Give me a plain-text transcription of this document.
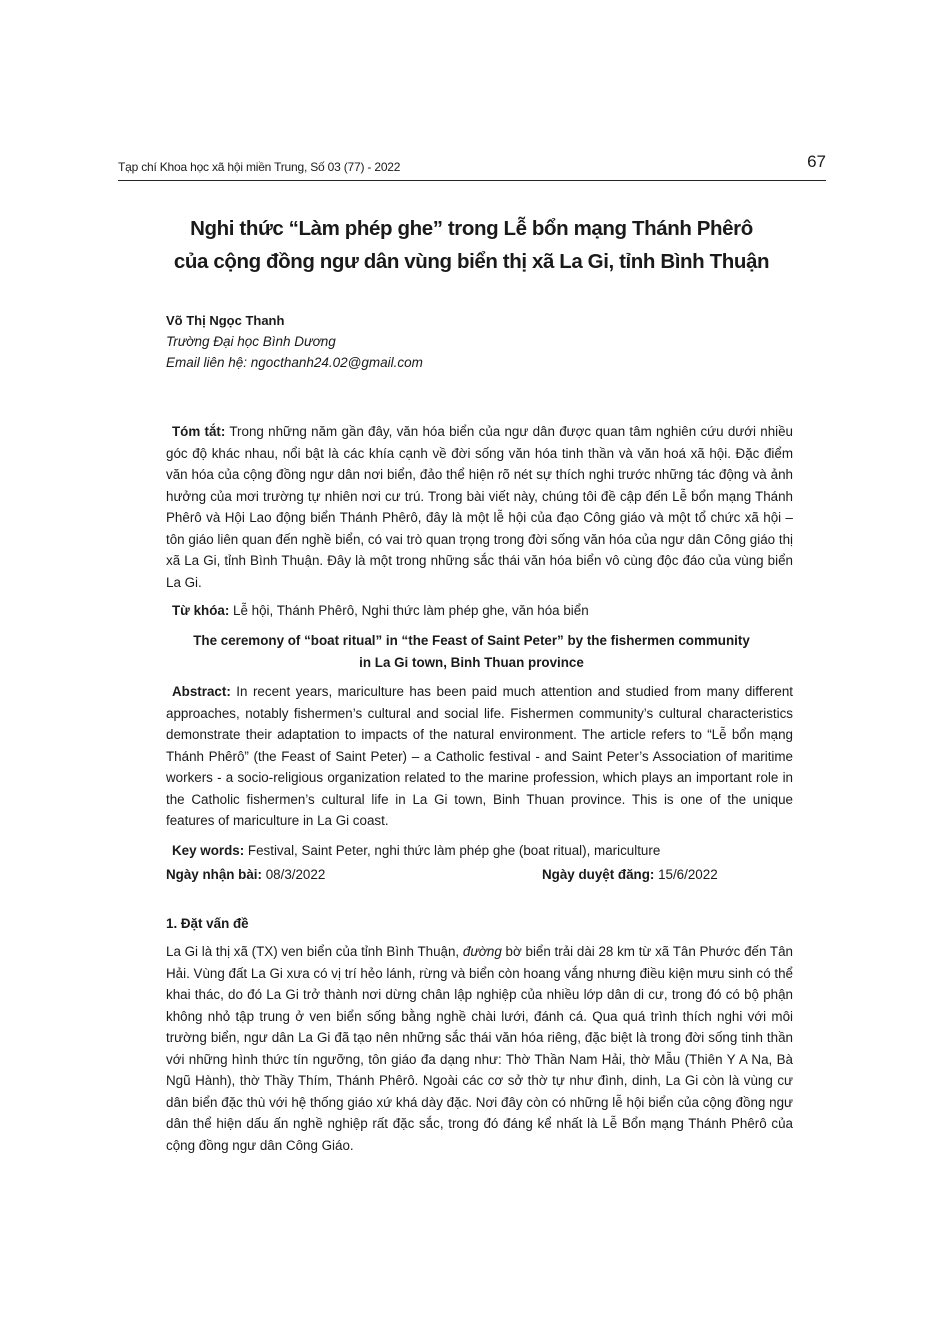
Tạp chí Khoa học xã hội miền Trung, Số 03 (77) - 2022	67
Nghi thức “Làm phép ghe” trong Lễ bổn mạng Thánh Phêrô
của cộng đồng ngư dân vùng biển thị xã La Gi, tỉnh Bình Thuận
Võ Thị Ngọc Thanh
Trường Đại học Bình Dương
Email liên hệ: ngocthanh24.02@gmail.com
Tóm tắt: Trong những năm gần đây, văn hóa biển của ngư dân được quan tâm nghiên cứu dưới nhiều góc độ khác nhau, nổi bật là các khía cạnh về đời sống văn hóa tinh thần và văn hoá xã hội. Đặc điểm văn hóa của cộng đồng ngư dân nơi biển, đảo thể hiện rõ nét sự thích nghi trước những tác động và ảnh hưởng của mơi trường tự nhiên nơi cư trú. Trong bài viết này, chúng tôi đề cập đến Lễ bổn mạng Thánh Phêrô và Hội Lao động biển Thánh Phêrô, đây là một lễ hội của đạo Công giáo và một tổ chức xã hội – tôn giáo liên quan đến nghề biển, có vai trò quan trọng trong đời sống văn hóa của ngư dân Công giáo thị xã La Gi, tỉnh Bình Thuận. Đây là một trong những sắc thái văn hóa biển vô cùng độc đáo của vùng biển La Gi.
Từ khóa: Lễ hội, Thánh Phêrô, Nghi thức làm phép ghe, văn hóa biển
The ceremony of “boat ritual” in “the Feast of Saint Peter” by the fishermen community
in La Gi town, Binh Thuan province
Abstract: In recent years, mariculture has been paid much attention and studied from many different approaches, notably fishermen’s cultural and social life. Fishermen community’s cultural characteristics demonstrate their adaptation to impacts of the natural environment. The article refers to “Lễ bổn mạng Thánh Phêrô” (the Feast of Saint Peter) – a Catholic festival - and Saint Peter’s Association of maritime workers - a socio-religious organization related to the marine profession, which plays an important role in the Catholic fishermen’s cultural life in La Gi town, Binh Thuan province. This is one of the unique features of mariculture in La Gi coast.
Key words: Festival, Saint Peter, nghi thức làm phép ghe (boat ritual), mariculture
Ngày nhận bài: 08/3/2022	Ngày duyệt đăng: 15/6/2022
1. Đặt vấn đề
La Gi là thị xã (TX) ven biển của tỉnh Bình Thuận, đường bờ biển trải dài 28 km từ xã Tân Phước đến Tân Hải. Vùng đất La Gi xưa có vị trí hẻo lánh, rừng và biển còn hoang vắng nhưng điều kiện mưu sinh có thể khai thác, do đó La Gi trở thành nơi dừng chân lập nghiệp của nhiều lớp dân di cư, trong đó có bộ phận không nhỏ tập trung ở ven biển sống bằng nghề chài lưới, đánh cá. Qua quá trình thích nghi với môi trường biển, ngư dân La Gi đã tạo nên những sắc thái văn hóa riêng, đặc biệt là trong đời sống tinh thần với những hình thức tín ngưỡng, tôn giáo đa dạng như: Thờ Thần Nam Hải, thờ Mẫu (Thiên Y A Na, Bà Ngũ Hành), thờ Thầy Thím, Thánh Phêrô. Ngoài các cơ sở thờ tự như đình, dinh, La Gi còn là vùng cư dân biển đặc thù với hệ thống giáo xứ khá dày đặc. Nơi đây còn có những lễ hội biển của cộng đồng ngư dân thể hiện dấu ấn nghề nghiệp rất đặc sắc, trong đó đáng kể nhất là Lễ Bổn mạng Thánh Phêrô của cộng đồng ngư dân Công Giáo.
